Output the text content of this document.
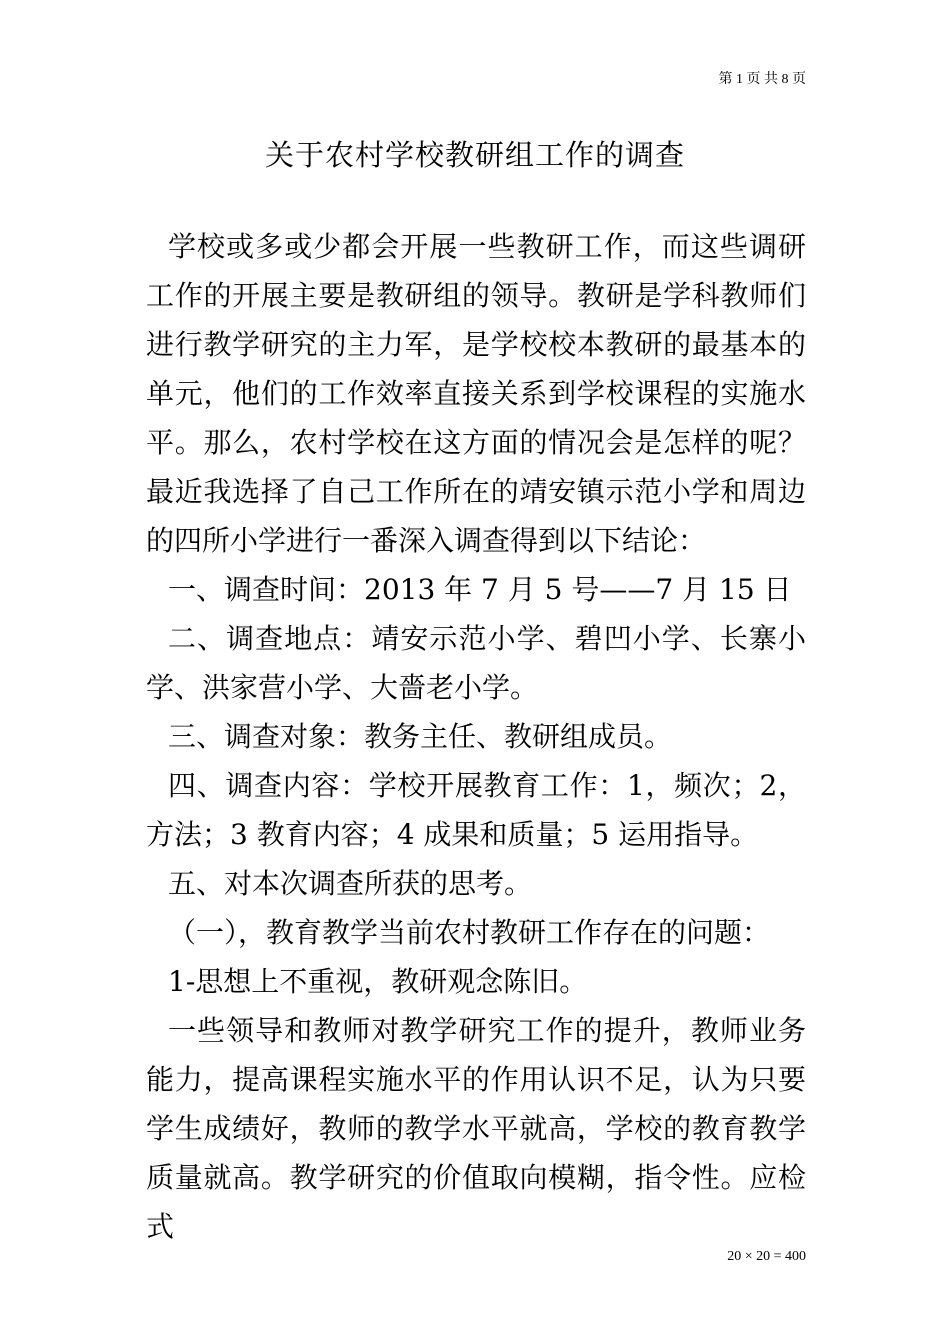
第 1 页 共 8 页
关于农村学校教研组工作的调查

学校或多或少都会开展一些教研工作，而这些调研工作的开展主要是教研组的领导。教研是学科教师们进行教学研究的主力军，是学校校本教研的最基本的单元，他们的工作效率直接关系到学校课程的实施水平。那么，农村学校在这方面的情况会是怎样的呢？最近我选择了自己工作所在的靖安镇示范小学和周边的四所小学进行一番深入调查得到以下结论：

一、调查时间：2013 年 7 月 5 号——7 月 15 日

二、调查地点：靖安示范小学、碧凹小学、长寨小学、洪家营小学、大嗇老小学。

三、调查对象：教务主任、教研组成员。

四、调查内容：学校开展教育工作：1，频次；2，方法；3 教育内容；4 成果和质量；5 运用指导。

五、对本次调查所获的思考。

（一），教育教学当前农村教研工作存在的问题：

1-思想上不重视，教研观念陈旧。

一些领导和教师对教学研究工作的提升，教师业务能力，提高课程实施水平的作用认识不足，认为只要学生成绩好，教师的教学水平就高，学校的教育教学质量就高。教学研究的价值取向模糊，指令性。应检式

20 × 20 = 400
